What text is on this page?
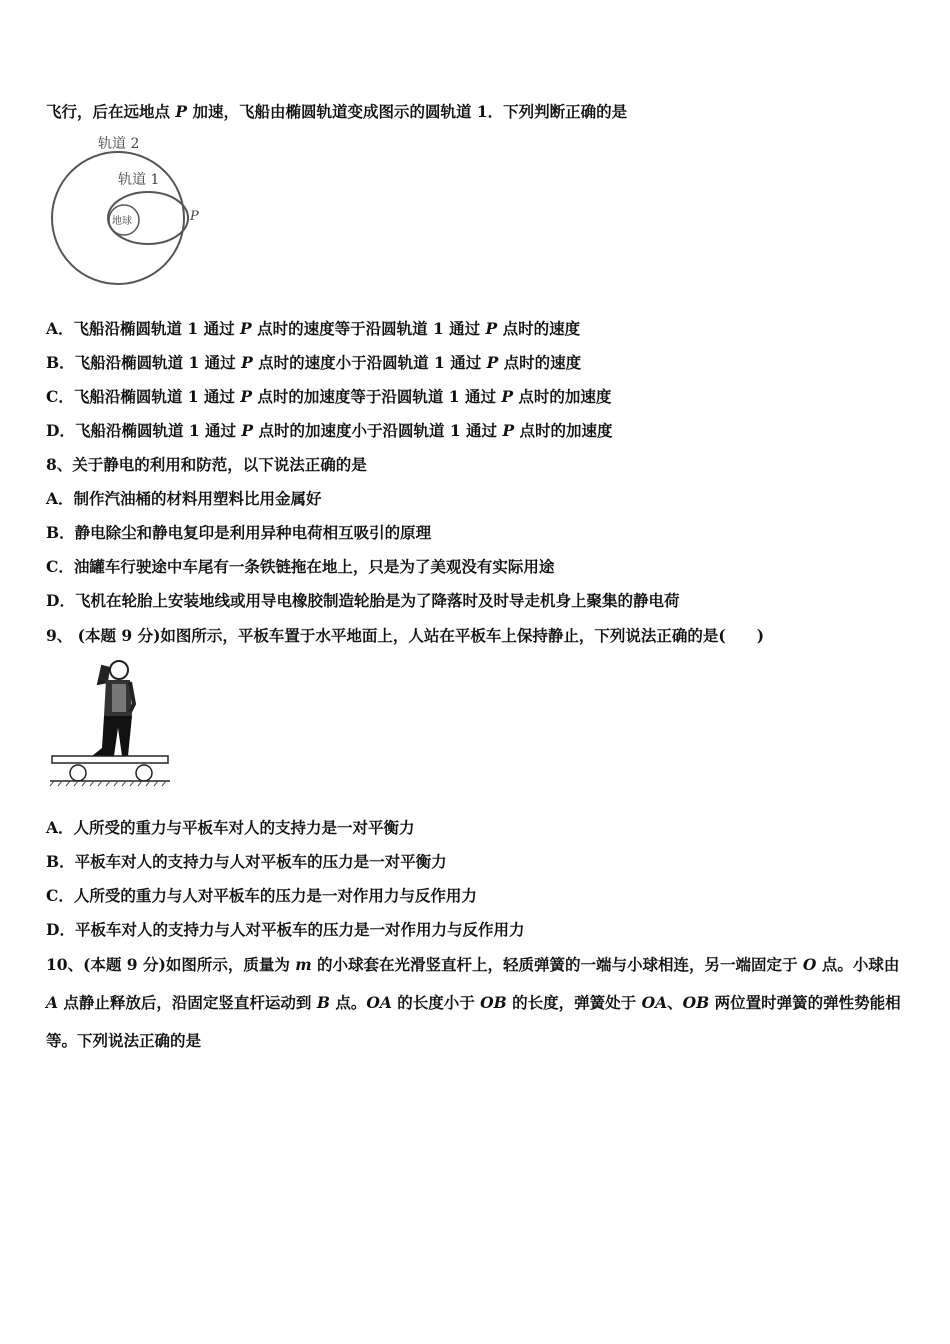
飞行，后在远地点 P 加速，飞船由椭圆轨道变成图示的圆轨道 1．下列判断正确的是
轨道 2
轨道 1
地球	P
A．飞船沿椭圆轨道 1 通过 P 点时的速度等于沿圆轨道 1 通过 P 点时的速度
B．飞船沿椭圆轨道 1 通过 P 点时的速度小于沿圆轨道 1 通过 P 点时的速度
C．飞船沿椭圆轨道 1 通过 P 点时的加速度等于沿圆轨道 1 通过 P 点时的加速度
D．飞船沿椭圆轨道 1 通过 P 点时的加速度小于沿圆轨道 1 通过 P 点时的加速度
8、关于静电的利用和防范，以下说法正确的是
A．制作汽油桶的材料用塑料比用金属好
B．静电除尘和静电复印是利用异种电荷相互吸引的原理
C．油罐车行驶途中车尾有一条铁链拖在地上，只是为了美观没有实际用途
D．飞机在轮胎上安装地线或用导电橡胶制造轮胎是为了降落时及时导走机身上聚集的静电荷
9、 (本题 9 分)如图所示，平板车置于水平地面上，人站在平板车上保持静止，下列说法正确的是(　　)
A．人所受的重力与平板车对人的支持力是一对平衡力
B．平板车对人的支持力与人对平板车的压力是一对平衡力
C．人所受的重力与人对平板车的压力是一对作用力与反作用力
D．平板车对人的支持力与人对平板车的压力是一对作用力与反作用力
10、(本题 9 分)如图所示，质量为 m 的小球套在光滑竖直杆上，轻质弹簧的一端与小球相连，另一端固定于 O 点。小球由 A 点静止释放后，沿固定竖直杆运动到 B 点。OA 的长度小于 OB 的长度，弹簧处于 OA、OB 两位置时弹簧的弹性势能相等。下列说法正确的是
